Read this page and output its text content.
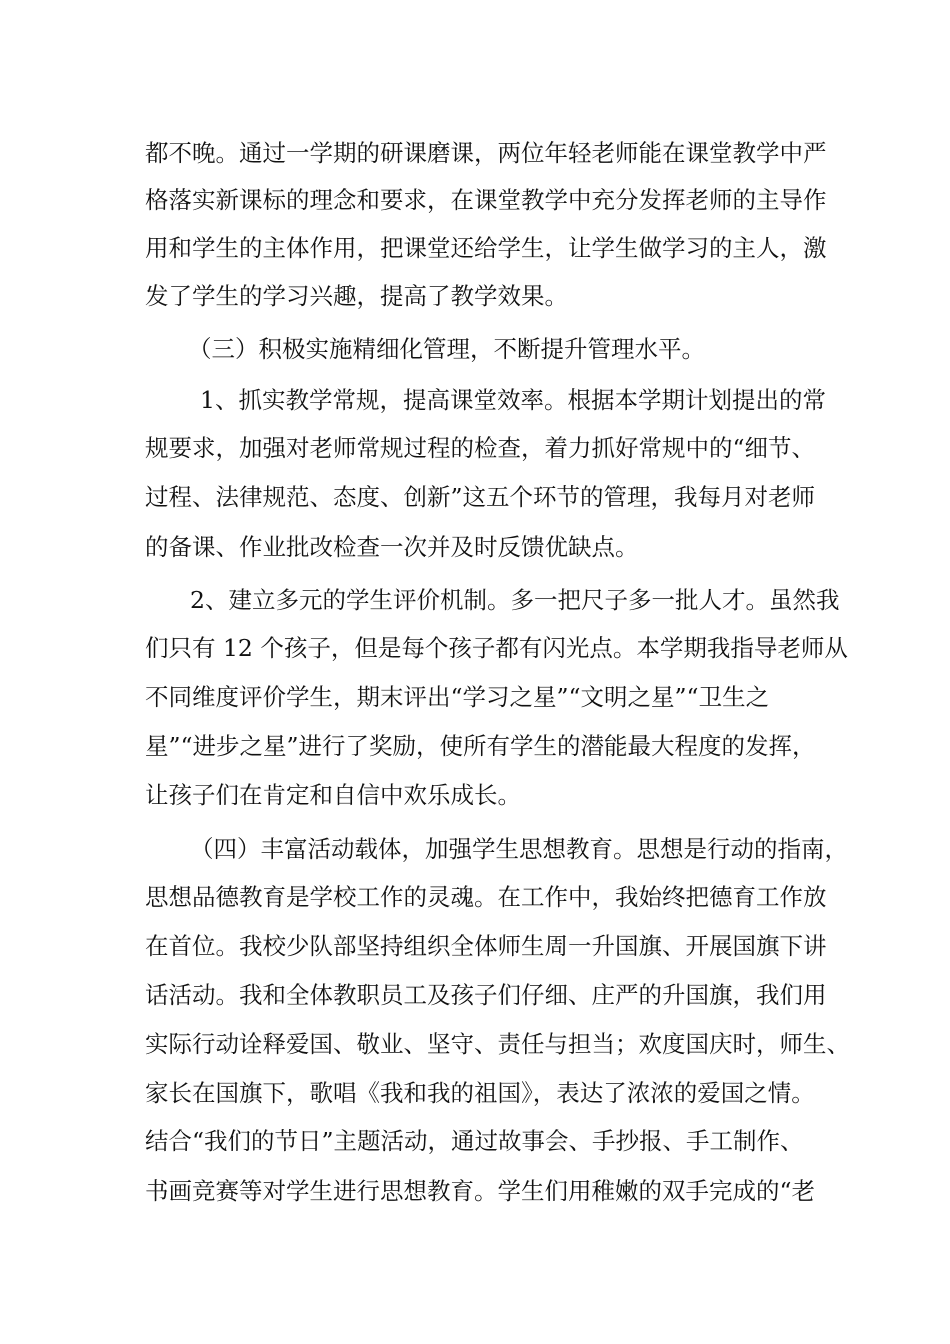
都不晚。通过一学期的研课磨课，两位年轻老师能在课堂教学中严
格落实新课标的理念和要求，在课堂教学中充分发挥老师的主导作
用和学生的主体作用，把课堂还给学生，让学生做学习的主人，激
发了学生的学习兴趣，提高了教学效果。
（三）积极实施精细化管理，不断提升管理水平。
1、抓实教学常规，提高课堂效率。根据本学期计划提出的常
规要求，加强对老师常规过程的检查，着力抓好常规中的“细节、
过程、法律规范、态度、创新”这五个环节的管理，我每月对老师
的备课、作业批改检查一次并及时反馈优缺点。
2、建立多元的学生评价机制。多一把尺子多一批人才。虽然我
们只有 12 个孩子，但是每个孩子都有闪光点。本学期我指导老师从
不同维度评价学生，期末评出“学习之星”“文明之星”“卫生之
星”“进步之星”进行了奖励，使所有学生的潜能最大程度的发挥，
让孩子们在肯定和自信中欢乐成长。
（四）丰富活动载体，加强学生思想教育。思想是行动的指南，
思想品德教育是学校工作的灵魂。在工作中，我始终把德育工作放
在首位。我校少队部坚持组织全体师生周一升国旗、开展国旗下讲
话活动。我和全体教职员工及孩子们仔细、庄严的升国旗，我们用
实际行动诠释爱国、敬业、坚守、责任与担当；欢度国庆时，师生、
家长在国旗下，歌唱《我和我的祖国》，表达了浓浓的爱国之情。
结合“我们的节日”主题活动，通过故事会、手抄报、手工制作、
书画竞赛等对学生进行思想教育。学生们用稚嫩的双手完成的“老
